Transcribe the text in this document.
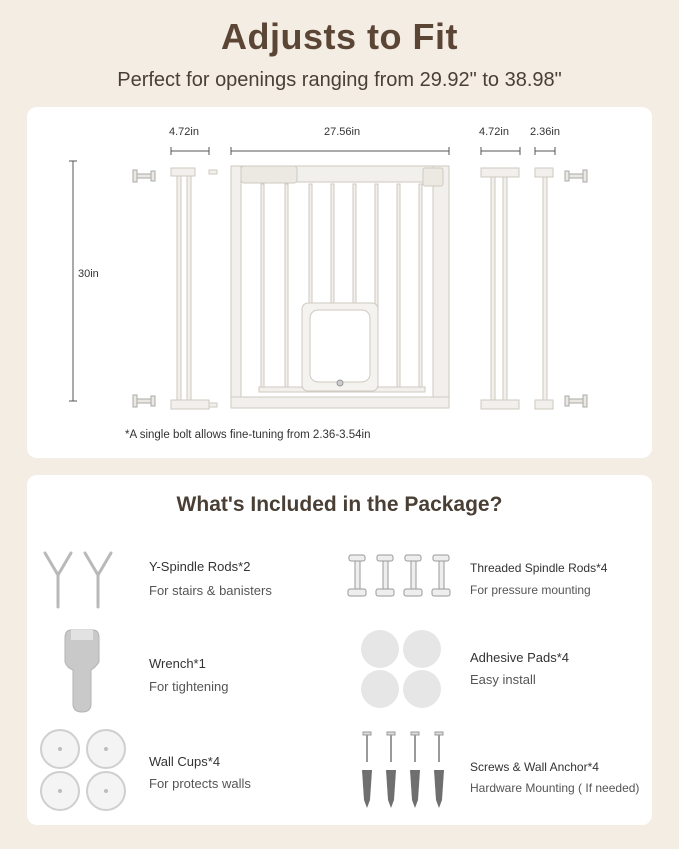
Adjusts to Fit
Perfect for openings ranging from 29.92" to 38.98"
4.72in	27.56in	4.72in 2.36in
30in
*A single bolt allows fine-tuning from 2.36-3.54in
What's Included in the Package?
Y-Spindle Rods*2
For stairs & banisters
Threaded Spindle Rods*4
For pressure mounting
Wrench*1
For tightening
Adhesive Pads*4
Easy install
Wall Cups*4
For protects walls
Screws & Wall Anchor*4
Hardware Mounting ( If needed)
